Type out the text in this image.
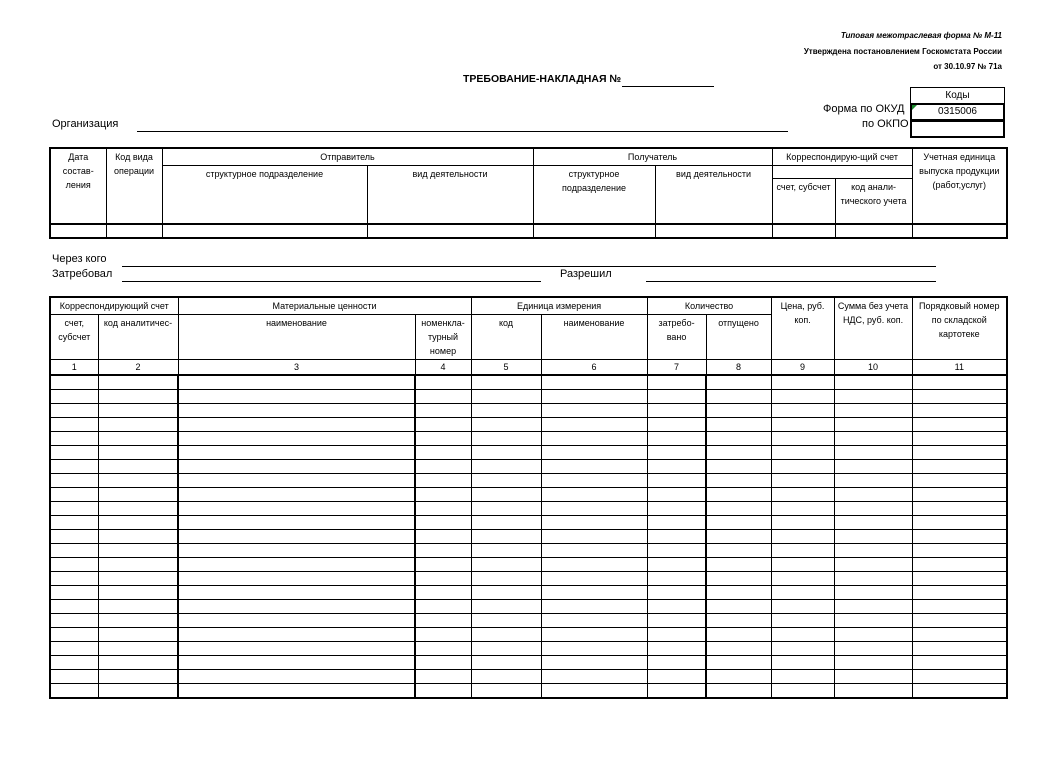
Типовая межотраслевая форма № М-11
Утверждена постановлением Госкомстата России
от 30.10.97 № 71а
ТРЕБОВАНИЕ-НАКЛАДНАЯ №
Коды
0315006
Форма по ОКУД
по ОКПО
Организация
Дата состав-ления	Код вида операции	Отправитель		Получатель		Корреспондирую-щий счет		Учетная единица выпуска продукции (работ,услуг)
		структурное подразделение	вид деятельности	структурное подразделение	вид деятельности			
						счет, субсчет	код анали-тического учета	

Через кого
Затребовал	Разрешил
Корреспондирующий счет		Материальные ценности		Единица измерения		Количество		Цена, руб. коп.	Сумма без учета НДС, руб. коп.	Порядковый номер по складской картотеке
счет, субсчет	код аналитичес-	наименование	номенкла-турный номер	код	наименование	затребо-вано	отпущено			
1	2	3	4	5	6	7	8	9	10	11
